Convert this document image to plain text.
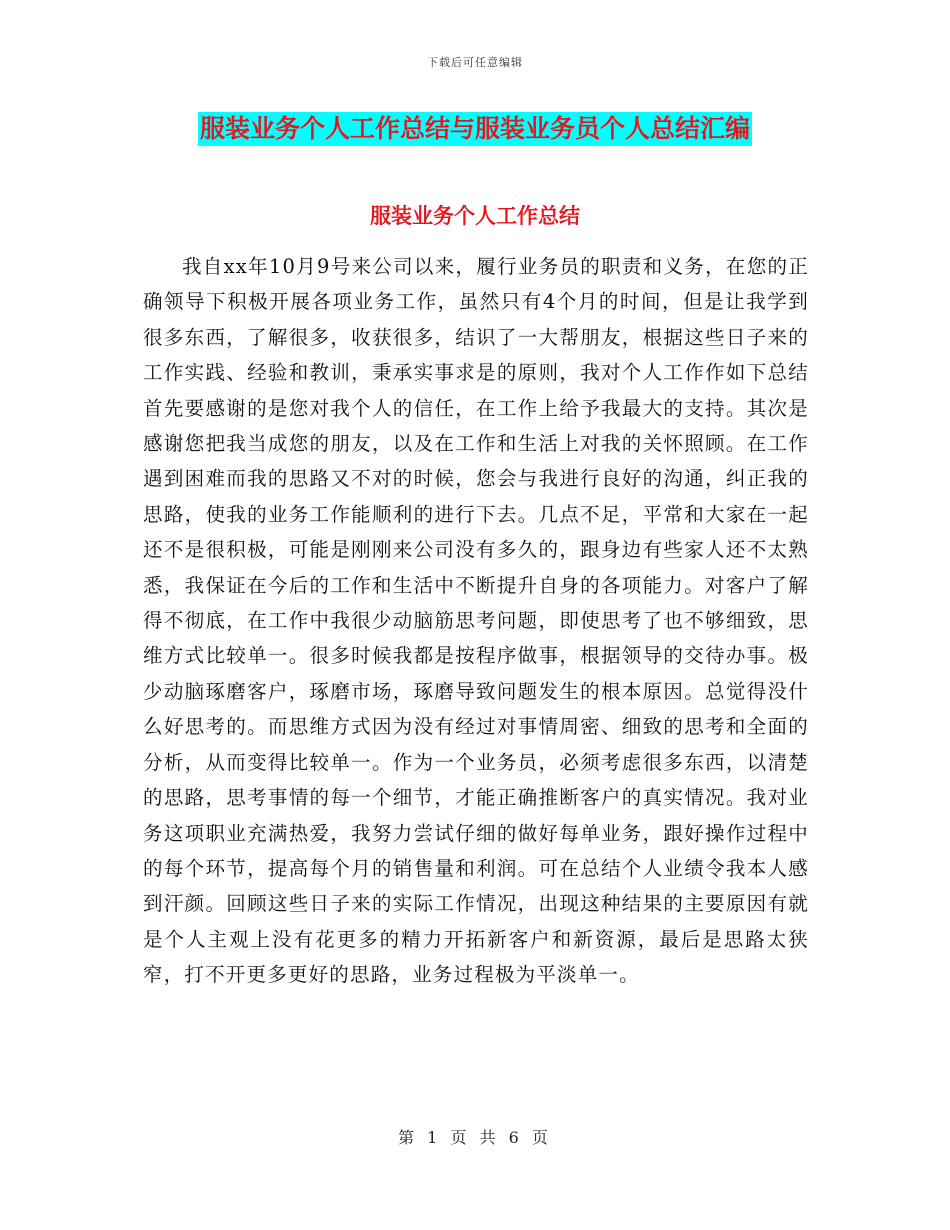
下载后可任意编辑
服装业务个人工作总结与服装业务员个人总结汇编
服装业务个人工作总结

我自xx年10月9号来公司以来，履行业务员的职责和义务，在您的正确领导下积极开展各项业务工作，虽然只有4个月的时间，但是让我学到很多东西，了解很多，收获很多，结识了一大帮朋友，根据这些日子来的工作实践、经验和教训，秉承实事求是的原则，我对个人工作作如下总结首先要感谢的是您对我个人的信任，在工作上给予我最大的支持。其次是感谢您把我当成您的朋友，以及在工作和生活上对我的关怀照顾。在工作遇到困难而我的思路又不对的时候，您会与我进行良好的沟通，纠正我的思路，使我的业务工作能顺利的进行下去。几点不足，平常和大家在一起还不是很积极，可能是刚刚来公司没有多久的，跟身边有些家人还不太熟悉，我保证在今后的工作和生活中不断提升自身的各项能力。对客户了解得不彻底，在工作中我很少动脑筋思考问题，即使思考了也不够细致，思维方式比较单一。很多时候我都是按程序做事，根据领导的交待办事。极少动脑琢磨客户，琢磨市场，琢磨导致问题发生的根本原因。总觉得没什么好思考的。而思维方式因为没有经过对事情周密、细致的思考和全面的分析，从而变得比较单一。作为一个业务员，必须考虑很多东西，以清楚的思路，思考事情的每一个细节，才能正确推断客户的真实情况。我对业务这项职业充满热爱，我努力尝试仔细的做好每单业务，跟好操作过程中的每个环节，提高每个月的销售量和利润。可在总结个人业绩令我本人感到汗颜。回顾这些日子来的实际工作情况，出现这种结果的主要原因有就是个人主观上没有花更多的精力开拓新客户和新资源，最后是思路太狭窄，打不开更多更好的思路，业务过程极为平淡单一。

第 1 页 共 6 页
